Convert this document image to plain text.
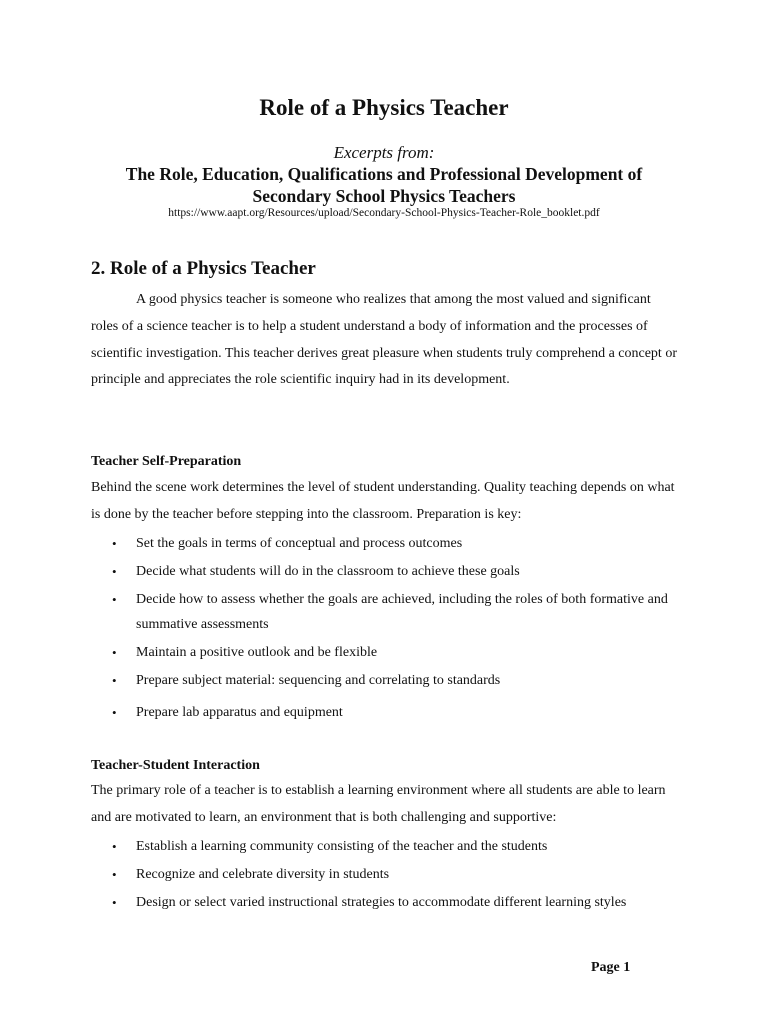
Role of a Physics Teacher
Excerpts from:
The Role, Education, Qualifications and Professional Development of
Secondary School Physics Teachers
https://www.aapt.org/Resources/upload/Secondary-School-Physics-Teacher-Role_booklet.pdf
2. Role of a Physics Teacher

A good physics teacher is someone who realizes that among the most valued and significant roles of a science teacher is to help a student understand a body of information and the processes of scientific investigation. This teacher derives great pleasure when students truly comprehend a concept or principle and appreciates the role scientific inquiry had in its development.

Teacher Self-Preparation

Behind the scene work determines the level of student understanding. Quality teaching depends on what is done by the teacher before stepping into the classroom. Preparation is key:

•	Set the goals in terms of conceptual and process outcomes
•	Decide what students will do in the classroom to achieve these goals
•	Decide how to assess whether the goals are achieved, including the roles of both formative and summative assessments
•	Maintain a positive outlook and be flexible
•	Prepare subject material: sequencing and correlating to standards
•	Prepare lab apparatus and equipment
Teacher-Student Interaction

The primary role of a teacher is to establish a learning environment where all students are able to learn and are motivated to learn, an environment that is both challenging and supportive:

•	Establish a learning community consisting of the teacher and the students
•	Recognize and celebrate diversity in students
•	Design or select varied instructional strategies to accommodate different learning styles
Page 1
